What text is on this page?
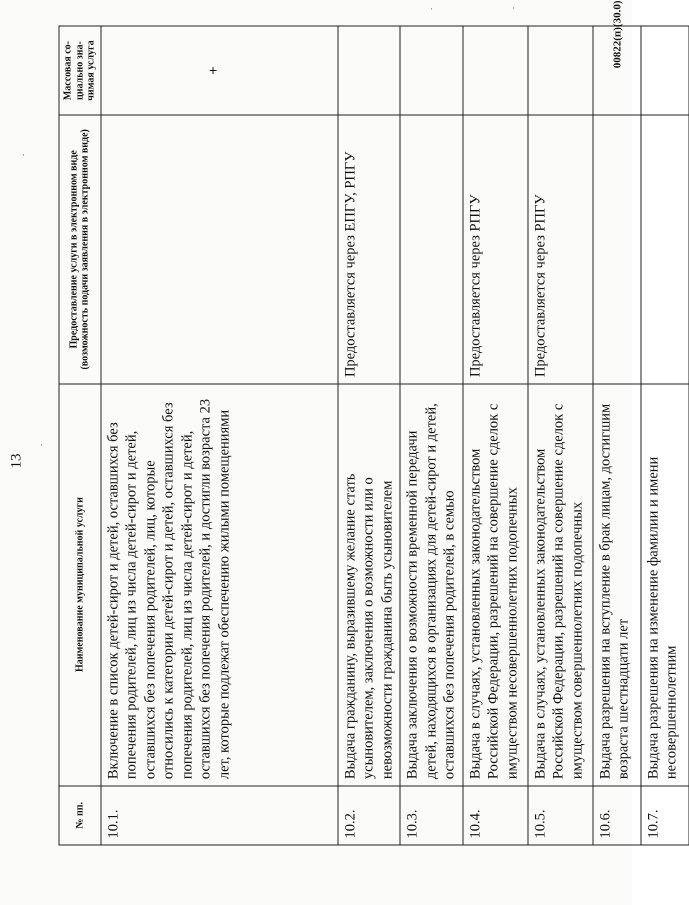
13
№ пп.	Наименование муниципальной услуги	Предоставление услуги в электронном виде (возможность подачи заявления в электронном виде)	Массовая со-циально зна-чимая услуга
10.1.	Включение в список детей-сирот и детей, оставшихся без попечения родителей, лиц из числа детей-сирот и детей, оставшихся без попечения родителей, лиц, которые относились к категории детей-сирот и детей, оставшихся без попечения родителей, лиц из числа детей-сирот и детей, оставшихся без попечения родителей, и достигли возраста 23 лет, которые подлежат обеспечению жилыми помещениями		+

10.2.	Выдача гражданину, выразившему желание стать усыновителем, заключения о возможности или о невозможности гражданина быть усыновителем	Предоставляется через ЕПГУ, РПГУ	
10.3.	Выдача заключения о возможности временной передачи детей, находящихся в организациях для детей-сирот и детей, оставшихся без попечения родителей, в семью		
10.4.	Выдача в случаях, установленных законодательством Российской Федерации, разрешений на совершение сделок с имуществом несовершеннолетних подопечных	Предоставляется через РПГУ	
10.5.	Выдача в случаях, установленных законодательством Российской Федерации, разрешений на совершение сделок с имуществом совершеннолетних подопечных	Предоставляется через РПГУ	
10.6.	Выдача разрешения на вступление в брак лицам, достигшим возраста шестнадцати лет		
10.7.	Выдача разрешения на изменение фамилии и имени несовершеннолетним		
00822(п)(30.0)
·	·
·
·
